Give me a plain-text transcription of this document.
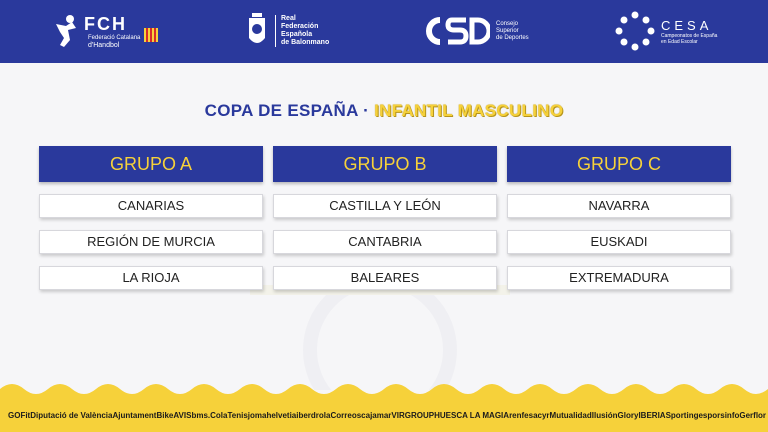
FCH
Federació Catalana
d'Handbol
Real
Federación
Española
de Balonmano
Consejo
Superior
de Deportes
CESA
Campeonatos de España
en Edad Escolar
COPA DE ESPAÑA · INFANTIL MASCULINO
GRUPO A
CANARIAS
REGIÓN DE MURCIA
LA RIOJA
GRUPO B
CASTILLA Y LEÓN
CANTABRIA
BALEARES
GRUPO C
NAVARRA
EUSKADI
EXTREMADURA
GOFit Diputació de València Ajuntament Bike AVIS bms. Cola Tenis joma helvetia iberdrola Correos cajamar VIRGROUP HUESCA LA MAGIA renfe sacyr Mutualidad Ilusión Glory IBERIA Sporting esporsinfo Gerflor
